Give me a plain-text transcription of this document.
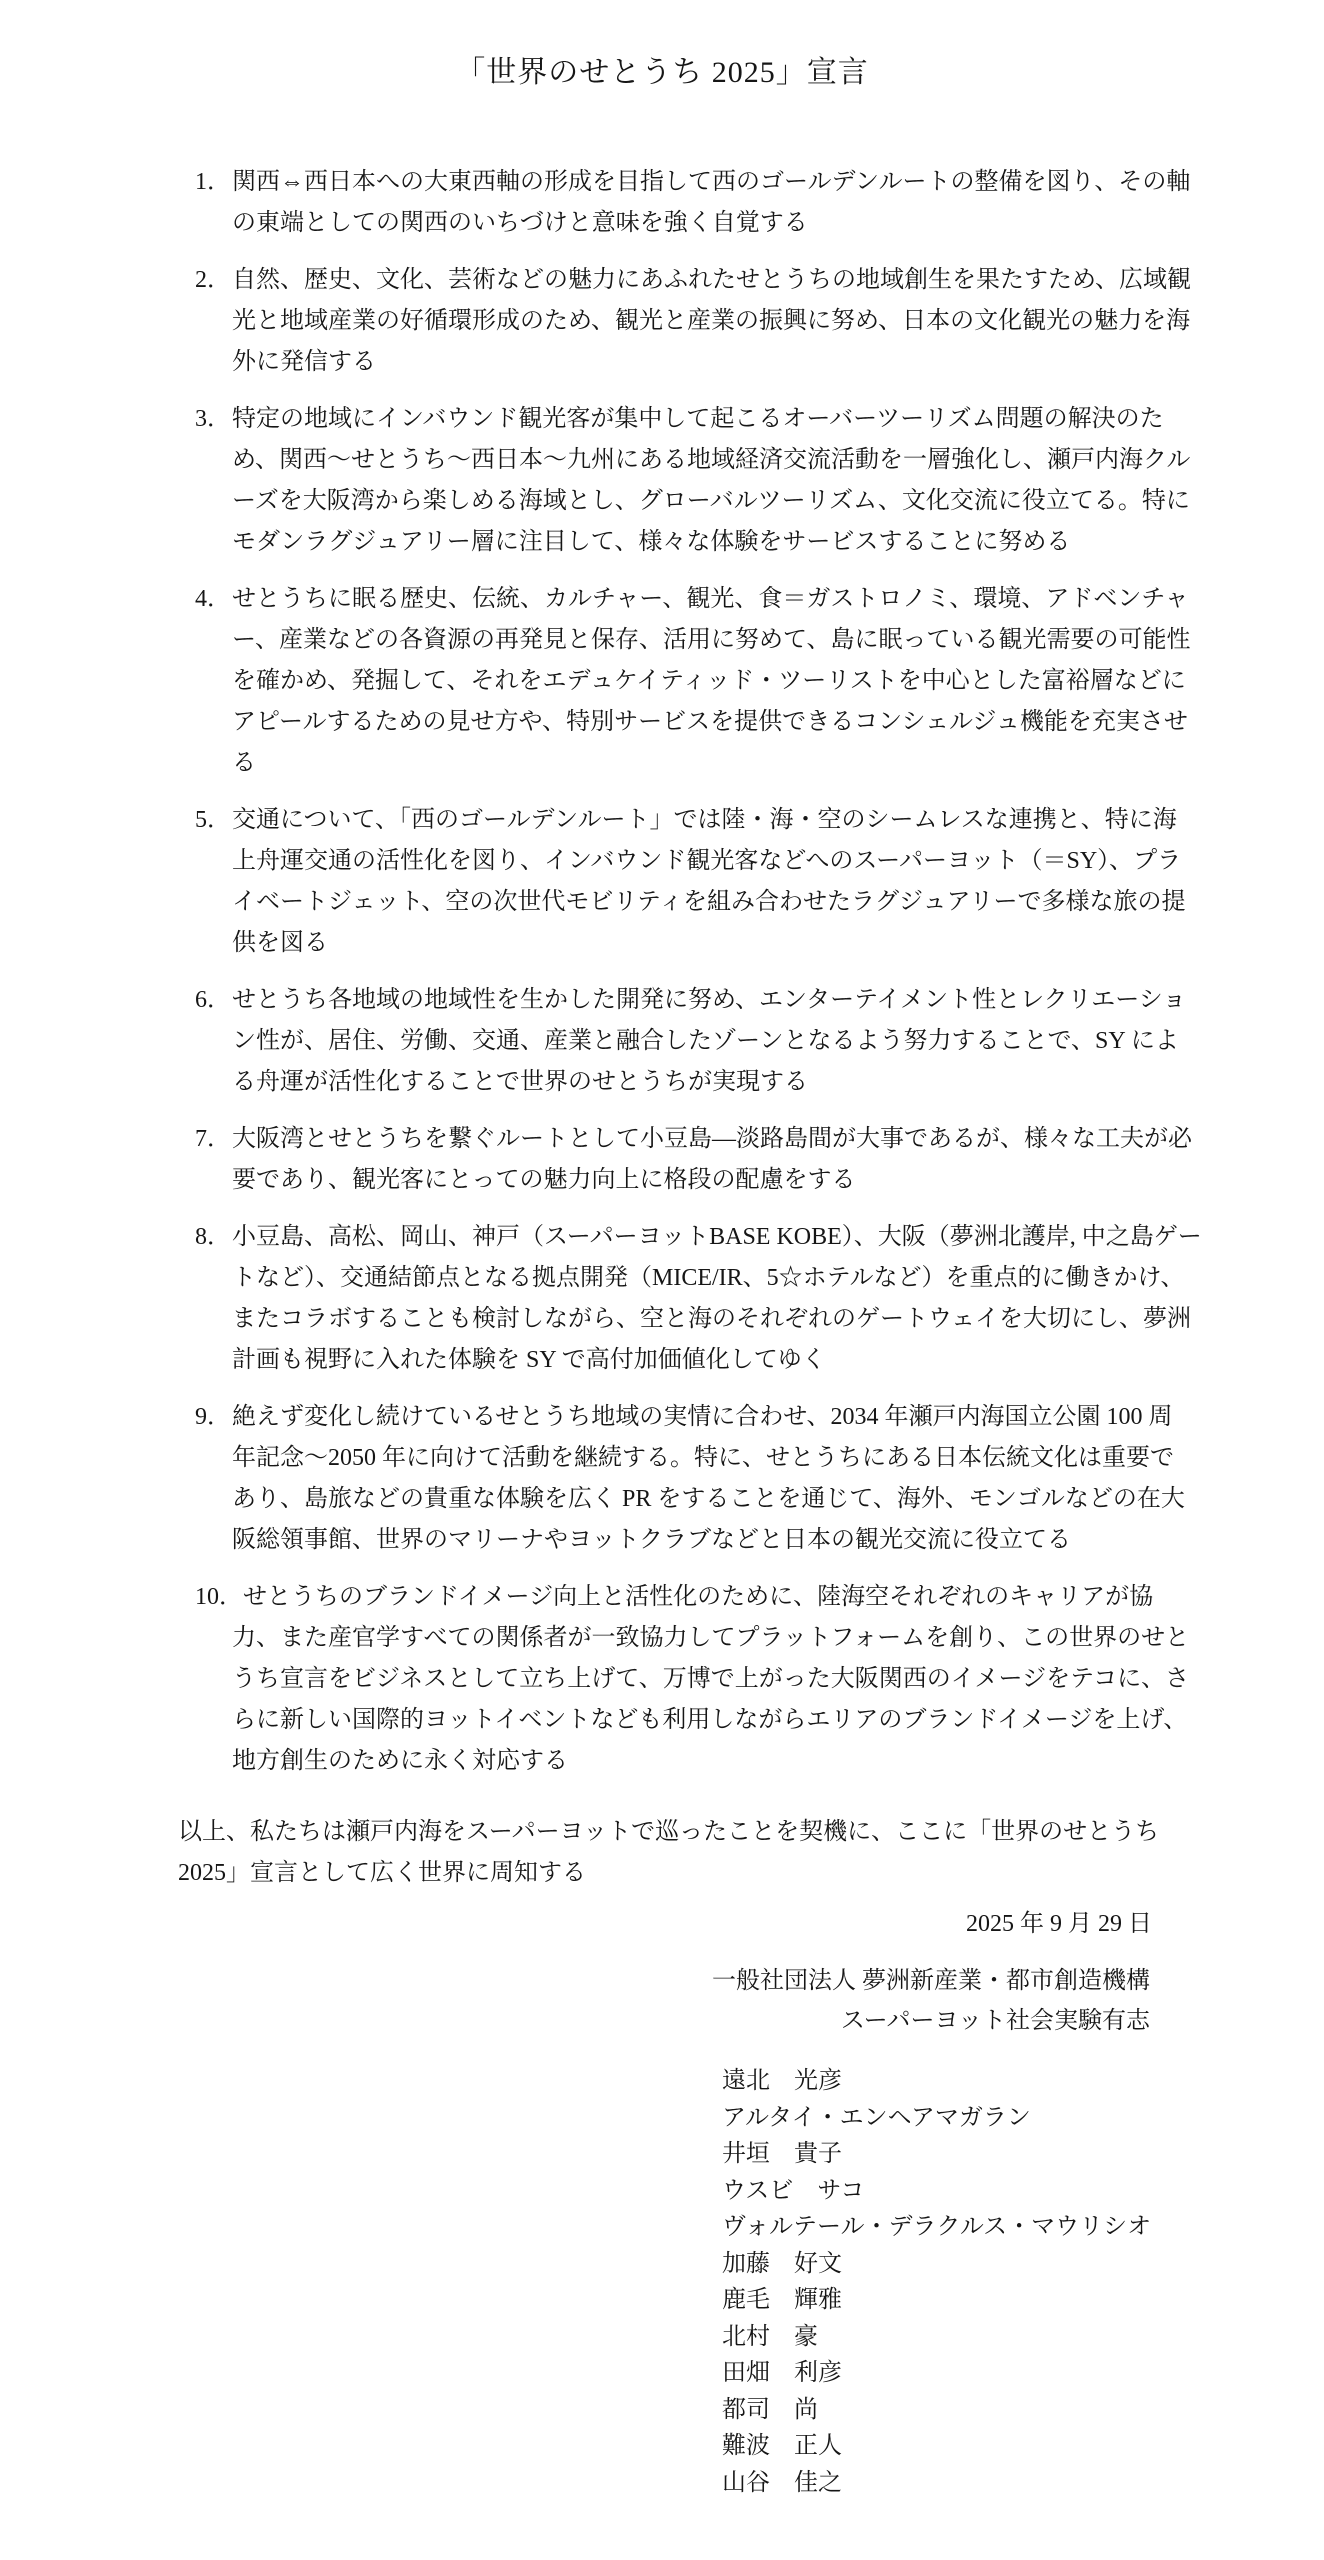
「世界のせとうち 2025」宣言
1．関西⇔西日本への大東西軸の形成を目指して西のゴールデンルートの整備を図り、その軸
の東端としての関西のいちづけと意味を強く自覚する
2．自然、歴史、文化、芸術などの魅力にあふれたせとうちの地域創生を果たすため、広域観
光と地域産業の好循環形成のため、観光と産業の振興に努め、日本の文化観光の魅力を海
外に発信する
3．特定の地域にインバウンド観光客が集中して起こるオーバーツーリズム問題の解決のた
め、関西～せとうち～西日本～九州にある地域経済交流活動を一層強化し、瀬戸内海クル
ーズを大阪湾から楽しめる海域とし、グローバルツーリズム、文化交流に役立てる。特に
モダンラグジュアリー層に注目して、様々な体験をサービスすることに努める
4．せとうちに眠る歴史、伝統、カルチャー、観光、食＝ガストロノミ、環境、アドベンチャ
ー、産業などの各資源の再発見と保存、活用に努めて、島に眠っている観光需要の可能性
を確かめ、発掘して、それをエデュケイティッド・ツーリストを中心とした富裕層などに
アピールするための見せ方や、特別サービスを提供できるコンシェルジュ機能を充実させ
る
5．交通について、「西のゴールデンルート」では陸・海・空のシームレスな連携と、特に海
上舟運交通の活性化を図り、インバウンド観光客などへのスーパーヨット（＝SY）、プラ
イベートジェット、空の次世代モビリティを組み合わせたラグジュアリーで多様な旅の提
供を図る
6．せとうち各地域の地域性を生かした開発に努め、エンターテイメント性とレクリエーショ
ン性が、居住、労働、交通、産業と融合したゾーンとなるよう努力することで、SY によ
る舟運が活性化することで世界のせとうちが実現する
7．大阪湾とせとうちを繋ぐルートとして小豆島—淡路島間が大事であるが、様々な工夫が必
要であり、観光客にとっての魅力向上に格段の配慮をする
8．小豆島、高松、岡山、神戸（スーパーヨットBASE KOBE）、大阪（夢洲北護岸, 中之島ゲー
トなど）、交通結節点となる拠点開発（MICE/IR、5☆ホテルなど）を重点的に働きかけ、
またコラボすることも検討しながら、空と海のそれぞれのゲートウェイを大切にし、夢洲
計画も視野に入れた体験を SY で高付加価値化してゆく
9．絶えず変化し続けているせとうち地域の実情に合わせ、2034 年瀬戸内海国立公園 100 周
年記念～2050 年に向けて活動を継続する。特に、せとうちにある日本伝統文化は重要で
あり、島旅などの貴重な体験を広く PR をすることを通じて、海外、モンゴルなどの在大
阪総領事館、世界のマリーナやヨットクラブなどと日本の観光交流に役立てる
10．せとうちのブランドイメージ向上と活性化のために、陸海空それぞれのキャリアが協
力、また産官学すべての関係者が一致協力してプラットフォームを創り、この世界のせと
うち宣言をビジネスとして立ち上げて、万博で上がった大阪関西のイメージをテコに、さ
らに新しい国際的ヨットイベントなども利用しながらエリアのブランドイメージを上げ、
地方創生のために永く対応する
以上、私たちは瀬戸内海をスーパーヨットで巡ったことを契機に、ここに「世界のせとうち
2025」宣言として広く世界に周知する
2025 年 9 月 29 日
一般社団法人 夢洲新産業・都市創造機構
スーパーヨット社会実験有志
遠北　光彦
アルタイ・エンヘアマガラン
井垣　貴子
ウスビ　サコ
ヴォルテール・デラクルス・マウリシオ
加藤　好文
鹿毛　輝雅
北村　豪
田畑　利彦
都司　尚
難波　正人
山谷　佳之
